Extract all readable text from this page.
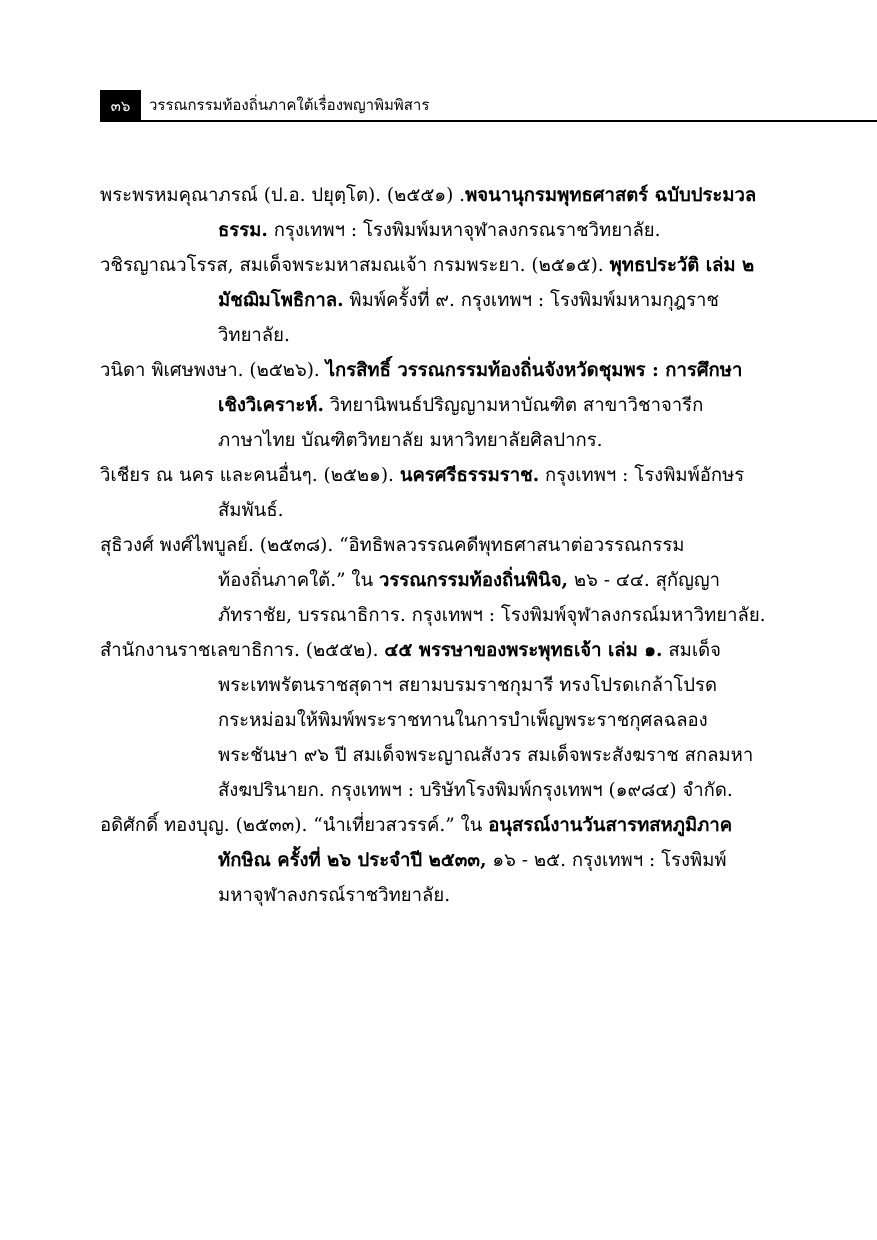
๓๖	วรรณกรรมท้องถิ่นภาคใต้เรื่องพญาพิมพิสาร
พระพรหมคุณาภรณ์ (ป.อ. ปยุตฺโต). (๒๕๕๑) .พจนานุกรมพุทธศาสตร์ ฉบับประมวล
ธรรม. กรุงเทพฯ : โรงพิมพ์มหาจุฬาลงกรณราชวิทยาลัย.
วชิรญาณวโรรส, สมเด็จพระมหาสมณเจ้า กรมพระยา. (๒๕๑๕). พุทธประวัติ เล่ม ๒
มัชฌิมโพธิกาล. พิมพ์ครั้งที่ ๙. กรุงเทพฯ : โรงพิมพ์มหามกุฎราช
วิทยาลัย.
วนิดา พิเศษพงษา. (๒๕๒๖). ไกรสิทธิ์ วรรณกรรมท้องถิ่นจังหวัดชุมพร : การศึกษา
เชิงวิเคราะห์. วิทยานิพนธ์ปริญญามหาบัณฑิต สาขาวิชาจารีก
ภาษาไทย บัณฑิตวิทยาลัย มหาวิทยาลัยศิลปากร.
วิเชียร ณ นคร และคนอื่นๆ. (๒๕๒๑). นครศรีธรรมราช. กรุงเทพฯ : โรงพิมพ์อักษร
สัมพันธ์.
สุธิวงศ์ พงศ์ไพบูลย์. (๒๕๓๘). “อิทธิพลวรรณคดีพุทธศาสนาต่อวรรณกรรม
ท้องถิ่นภาคใต้.” ใน วรรณกรรมท้องถิ่นพินิจ, ๒๖ - ๔๔. สุกัญญา
ภัทราชัย, บรรณาธิการ. กรุงเทพฯ : โรงพิมพ์จุฬาลงกรณ์มหาวิทยาลัย.
สำนักงานราชเลขาธิการ. (๒๕๕๒). ๔๕ พรรษาของพระพุทธเจ้า เล่ม ๑. สมเด็จ
พระเทพรัตนราชสุดาฯ สยามบรมราชกุมารี ทรงโปรดเกล้าโปรด
กระหม่อมให้พิมพ์พระราชทานในการบำเพ็ญพระราชกุศลฉลอง
พระชันษา ๙๖ ปี สมเด็จพระญาณสังวร สมเด็จพระสังฆราช สกลมหา
สังฆปรินายก. กรุงเทพฯ : บริษัทโรงพิมพ์กรุงเทพฯ (๑๙๘๔) จำกัด.
อดิศักดิ์ ทองบุญ. (๒๕๓๓). “นำเที่ยวสวรรค์.” ใน อนุสรณ์งานวันสารทสหภูมิภาค
ทักษิณ ครั้งที่ ๒๖ ประจำปี ๒๕๓๓, ๑๖ - ๒๕. กรุงเทพฯ : โรงพิมพ์
มหาจุฬาลงกรณ์ราชวิทยาลัย.
